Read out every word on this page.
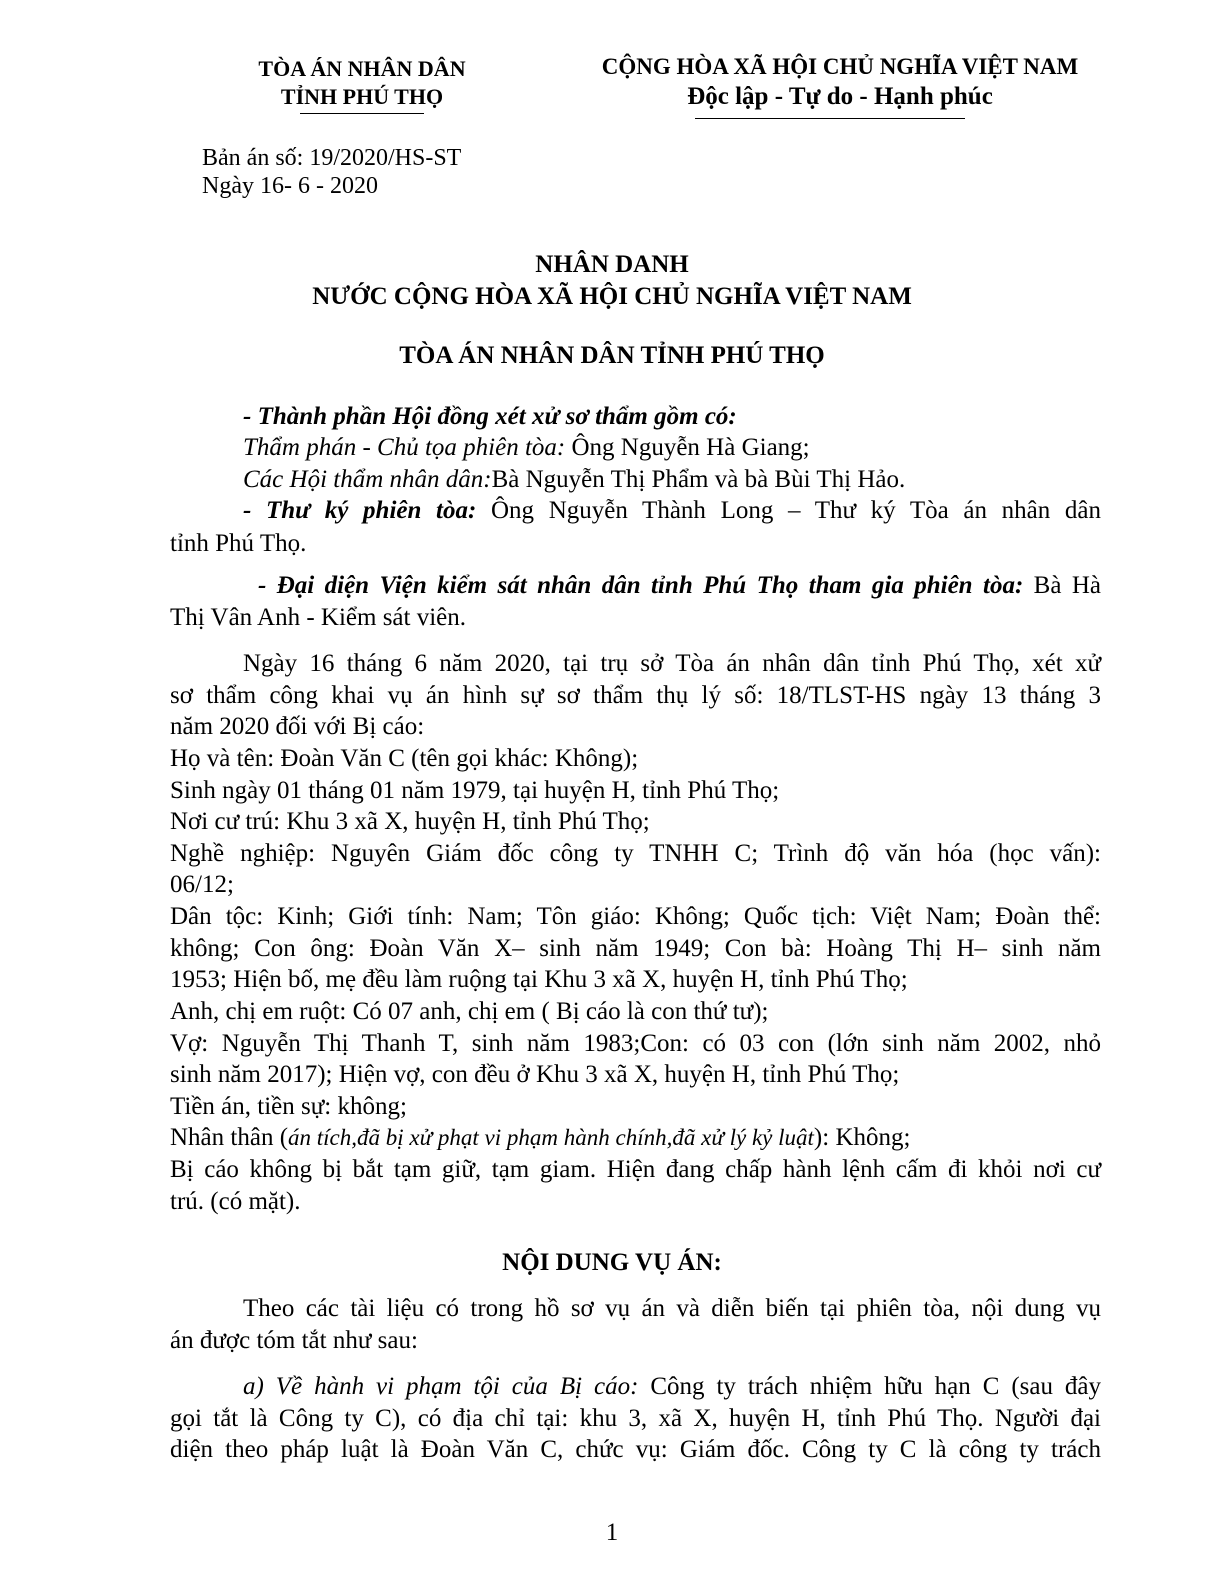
TÒA ÁN NHÂN DÂN
TỈNH PHÚ THỌ
CỘNG HÒA XÃ HỘI CHỦ NGHĨA VIỆT NAM
Độc lập - Tự do - Hạnh phúc
Bản án số: 19/2020/HS-ST
Ngày 16- 6 - 2020
NHÂN DANH
NƯỚC CỘNG HÒA XÃ HỘI CHỦ NGHĨA VIỆT NAM
TÒA ÁN NHÂN DÂN TỈNH PHÚ THỌ
- Thành phần Hội đồng xét xử sơ thẩm gồm có:
Thẩm phán - Chủ tọa phiên tòa: Ông Nguyễn Hà Giang;
Các Hội thẩm nhân dân:Bà Nguyễn Thị Phẩm và bà Bùi Thị Hảo.
- Thư ký phiên tòa: Ông Nguyễn Thành Long – Thư ký Tòa án nhân dân
tỉnh Phú Thọ.
- Đại diện Viện kiểm sát nhân dân tỉnh Phú Thọ tham gia phiên tòa: Bà Hà
Thị Vân Anh - Kiểm sát viên.
Ngày 16 tháng 6 năm 2020, tại trụ sở Tòa án nhân dân tỉnh Phú Thọ, xét xử
sơ thẩm công khai vụ án hình sự sơ thẩm thụ lý số: 18/TLST-HS ngày 13 tháng 3
năm 2020 đối với Bị cáo:
Họ và tên: Đoàn Văn C (tên gọi khác: Không);
Sinh ngày 01 tháng 01 năm 1979, tại huyện H, tỉnh Phú Thọ;
Nơi cư trú: Khu 3 xã X, huyện H, tỉnh Phú Thọ;
Nghề nghiệp: Nguyên Giám đốc công ty TNHH C; Trình độ văn hóa (học vấn):
06/12;
Dân tộc: Kinh; Giới tính: Nam; Tôn giáo: Không; Quốc tịch: Việt Nam; Đoàn thể:
không; Con ông: Đoàn Văn X– sinh năm 1949; Con bà: Hoàng Thị H– sinh năm
1953; Hiện bố, mẹ đều làm ruộng tại Khu 3 xã X, huyện H, tỉnh Phú Thọ;
Anh, chị em ruột: Có 07 anh, chị em ( Bị cáo là con thứ tư);
Vợ: Nguyễn Thị Thanh T, sinh năm 1983;Con: có 03 con (lớn sinh năm 2002, nhỏ
sinh năm 2017); Hiện vợ, con đều ở Khu 3 xã X, huyện H, tỉnh Phú Thọ;
Tiền án, tiền sự: không;
Nhân thân (án tích,đã bị xử phạt vi phạm hành chính,đã xử lý kỷ luật): Không;
Bị cáo không bị bắt tạm giữ, tạm giam. Hiện đang chấp hành lệnh cấm đi khỏi nơi cư
trú. (có mặt).
NỘI DUNG VỤ ÁN:
Theo các tài liệu có trong hồ sơ vụ án và diễn biến tại phiên tòa, nội dung vụ
án được tóm tắt như sau:
a) Về hành vi phạm tội của Bị cáo: Công ty trách nhiệm hữu hạn C (sau đây
gọi tắt là Công ty C), có địa chỉ tại: khu 3, xã X, huyện H, tỉnh Phú Thọ. Người đại
diện theo pháp luật là Đoàn Văn C, chức vụ: Giám đốc. Công ty C là công ty trách
1
